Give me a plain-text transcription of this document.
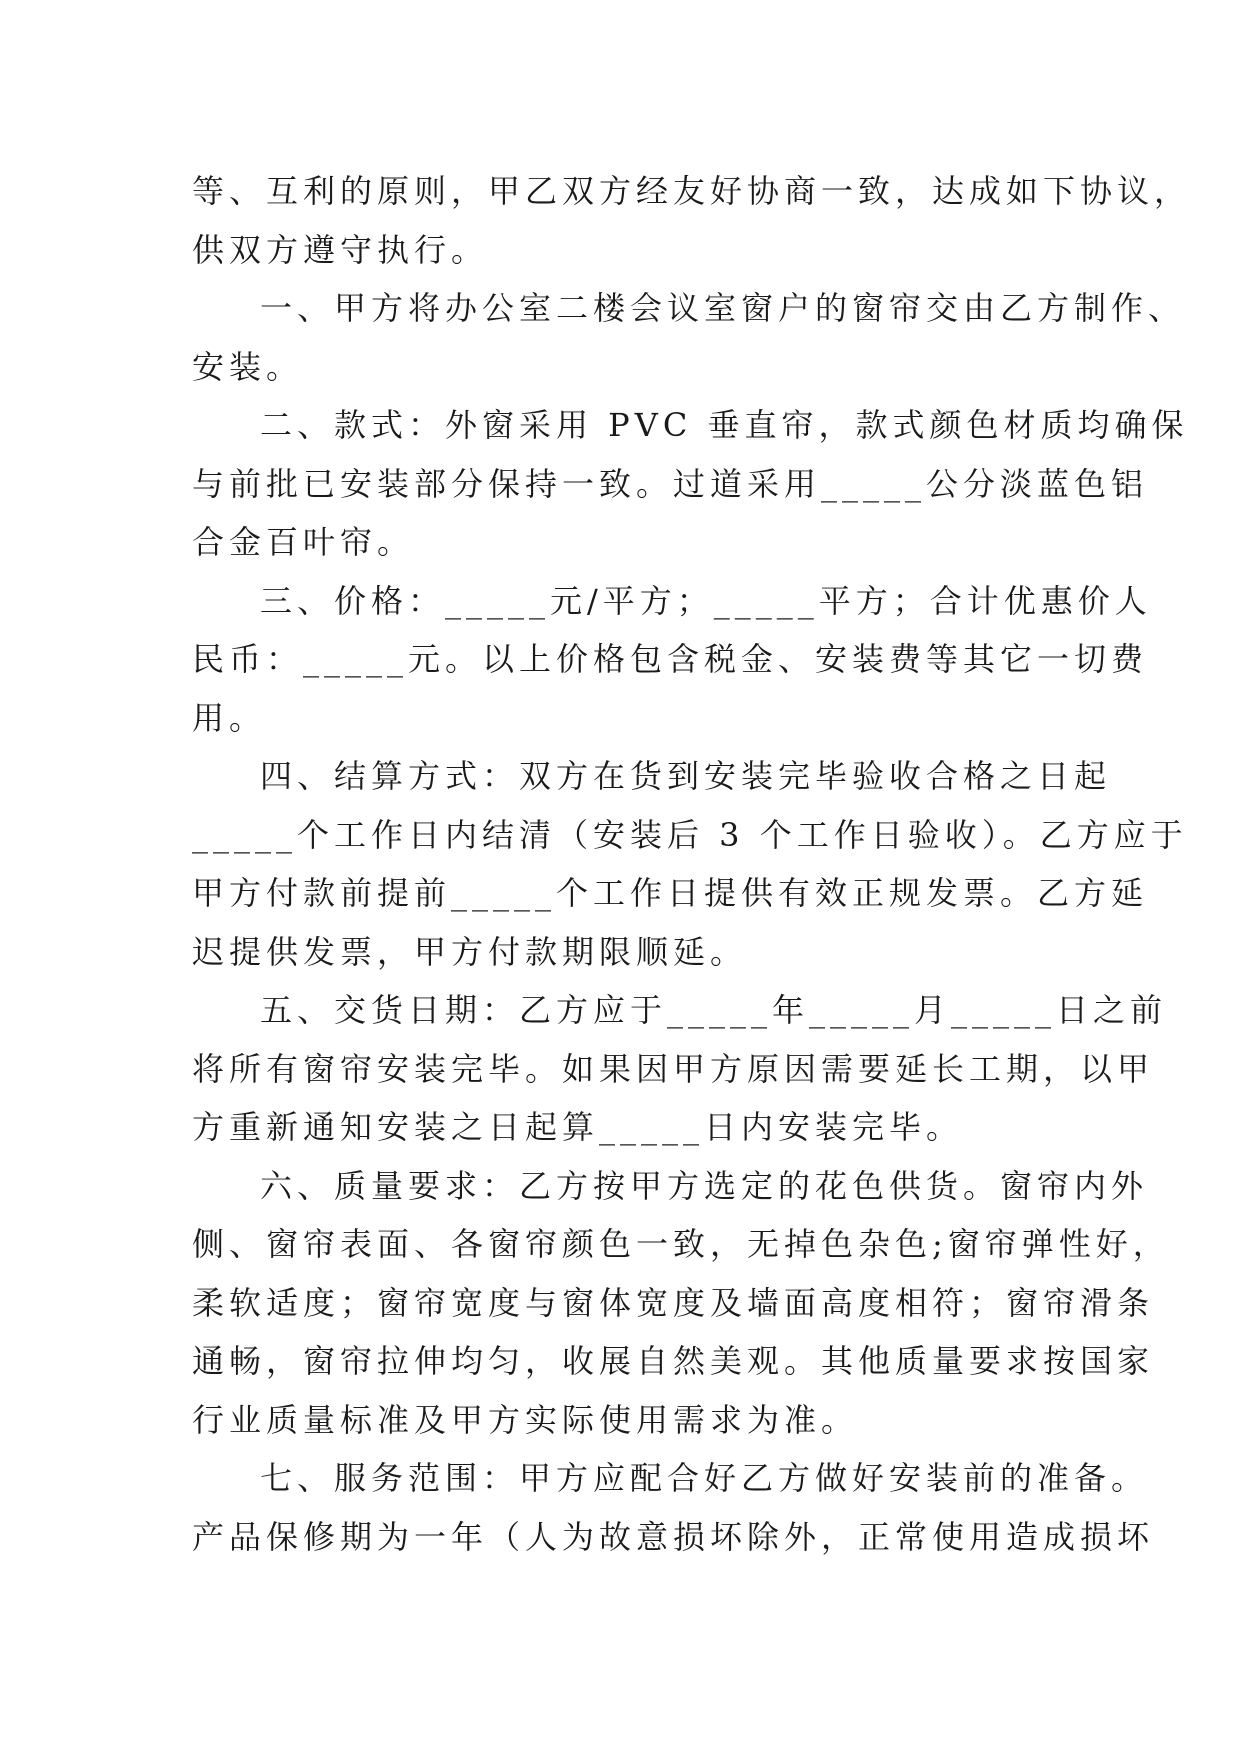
等、互利的原则，甲乙双方经友好协商一致，达成如下协议，
供双方遵守执行。
一、甲方将办公室二楼会议室窗户的窗帘交由乙方制作、
安装。
二、款式：外窗采用 PVC 垂直帘，款式颜色材质均确保
与前批已安装部分保持一致。过道采用_____公分淡蓝色铝
合金百叶帘。
三、价格：_____元/平方；_____平方；合计优惠价人
民币：_____元。以上价格包含税金、安装费等其它一切费
用。
四、结算方式：双方在货到安装完毕验收合格之日起
_____个工作日内结清（安装后 3 个工作日验收）。乙方应于
甲方付款前提前_____个工作日提供有效正规发票。乙方延
迟提供发票，甲方付款期限顺延。
五、交货日期：乙方应于_____年_____月_____日之前
将所有窗帘安装完毕。如果因甲方原因需要延长工期，以甲
方重新通知安装之日起算_____日内安装完毕。
六、质量要求：乙方按甲方选定的花色供货。窗帘内外
侧、窗帘表面、各窗帘颜色一致，无掉色杂色;窗帘弹性好，
柔软适度；窗帘宽度与窗体宽度及墙面高度相符；窗帘滑条
通畅，窗帘拉伸均匀，收展自然美观。其他质量要求按国家
行业质量标准及甲方实际使用需求为准。
七、服务范围：甲方应配合好乙方做好安装前的准备。
产品保修期为一年（人为故意损坏除外，正常使用造成损坏
